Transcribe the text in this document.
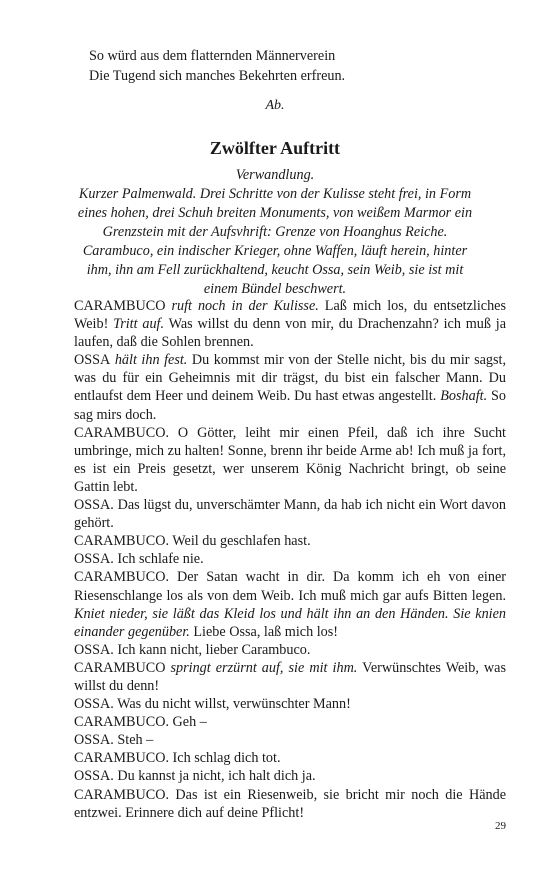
So würd aus dem flatternden Männerverein
Die Tugend sich manches Bekehrten erfreun.
Ab.
Zwölfter Auftritt
Verwandlung.
Kurzer Palmenwald. Drei Schritte von der Kulisse steht frei, in Form eines hohen, drei Schuh breiten Monuments, von weißem Marmor ein Grenzstein mit der Aufsvhrift: Grenze von Hoanghus Reiche. Carambuco, ein indischer Krieger, ohne Waffen, läuft herein, hinter ihm, ihn am Fell zurückhaltend, keucht Ossa, sein Weib, sie ist mit einem Bündel beschwert.
CARAMBUCO ruft noch in der Kulisse. Laß mich los, du entsetzliches Weib! Tritt auf. Was willst du denn von mir, du Drachenzahn? ich muß ja laufen, daß die Sohlen brennen.
OSSA hält ihn fest. Du kommst mir von der Stelle nicht, bis du mir sagst, was du für ein Geheimnis mit dir trägst, du bist ein falscher Mann. Du entlaufst dem Heer und deinem Weib. Du hast etwas angestellt. Boshaft. So sag mirs doch.
CARAMBUCO. O Götter, leiht mir einen Pfeil, daß ich ihre Sucht umbringe, mich zu halten! Sonne, brenn ihr beide Arme ab! Ich muß ja fort, es ist ein Preis gesetzt, wer unserem König Nachricht bringt, ob seine Gattin lebt.
OSSA. Das lügst du, unverschämter Mann, da hab ich nicht ein Wort davon gehört.
CARAMBUCO. Weil du geschlafen hast.
OSSA. Ich schlafe nie.
CARAMBUCO. Der Satan wacht in dir. Da komm ich eh von einer Riesenschlange los als von dem Weib. Ich muß mich gar aufs Bitten legen. Kniet nieder, sie läßt das Kleid los und hält ihn an den Händen. Sie knien einander gegenüber. Liebe Ossa, laß mich los!
OSSA. Ich kann nicht, lieber Carambuco.
CARAMBUCO springt erzürnt auf, sie mit ihm. Verwünschtes Weib, was willst du denn!
OSSA. Was du nicht willst, verwünschter Mann!
CARAMBUCO. Geh –
OSSA. Steh –
CARAMBUCO. Ich schlag dich tot.
OSSA. Du kannst ja nicht, ich halt dich ja.
CARAMBUCO. Das ist ein Riesenweib, sie bricht mir noch die Hände entzwei. Erinnere dich auf deine Pflicht!
29
